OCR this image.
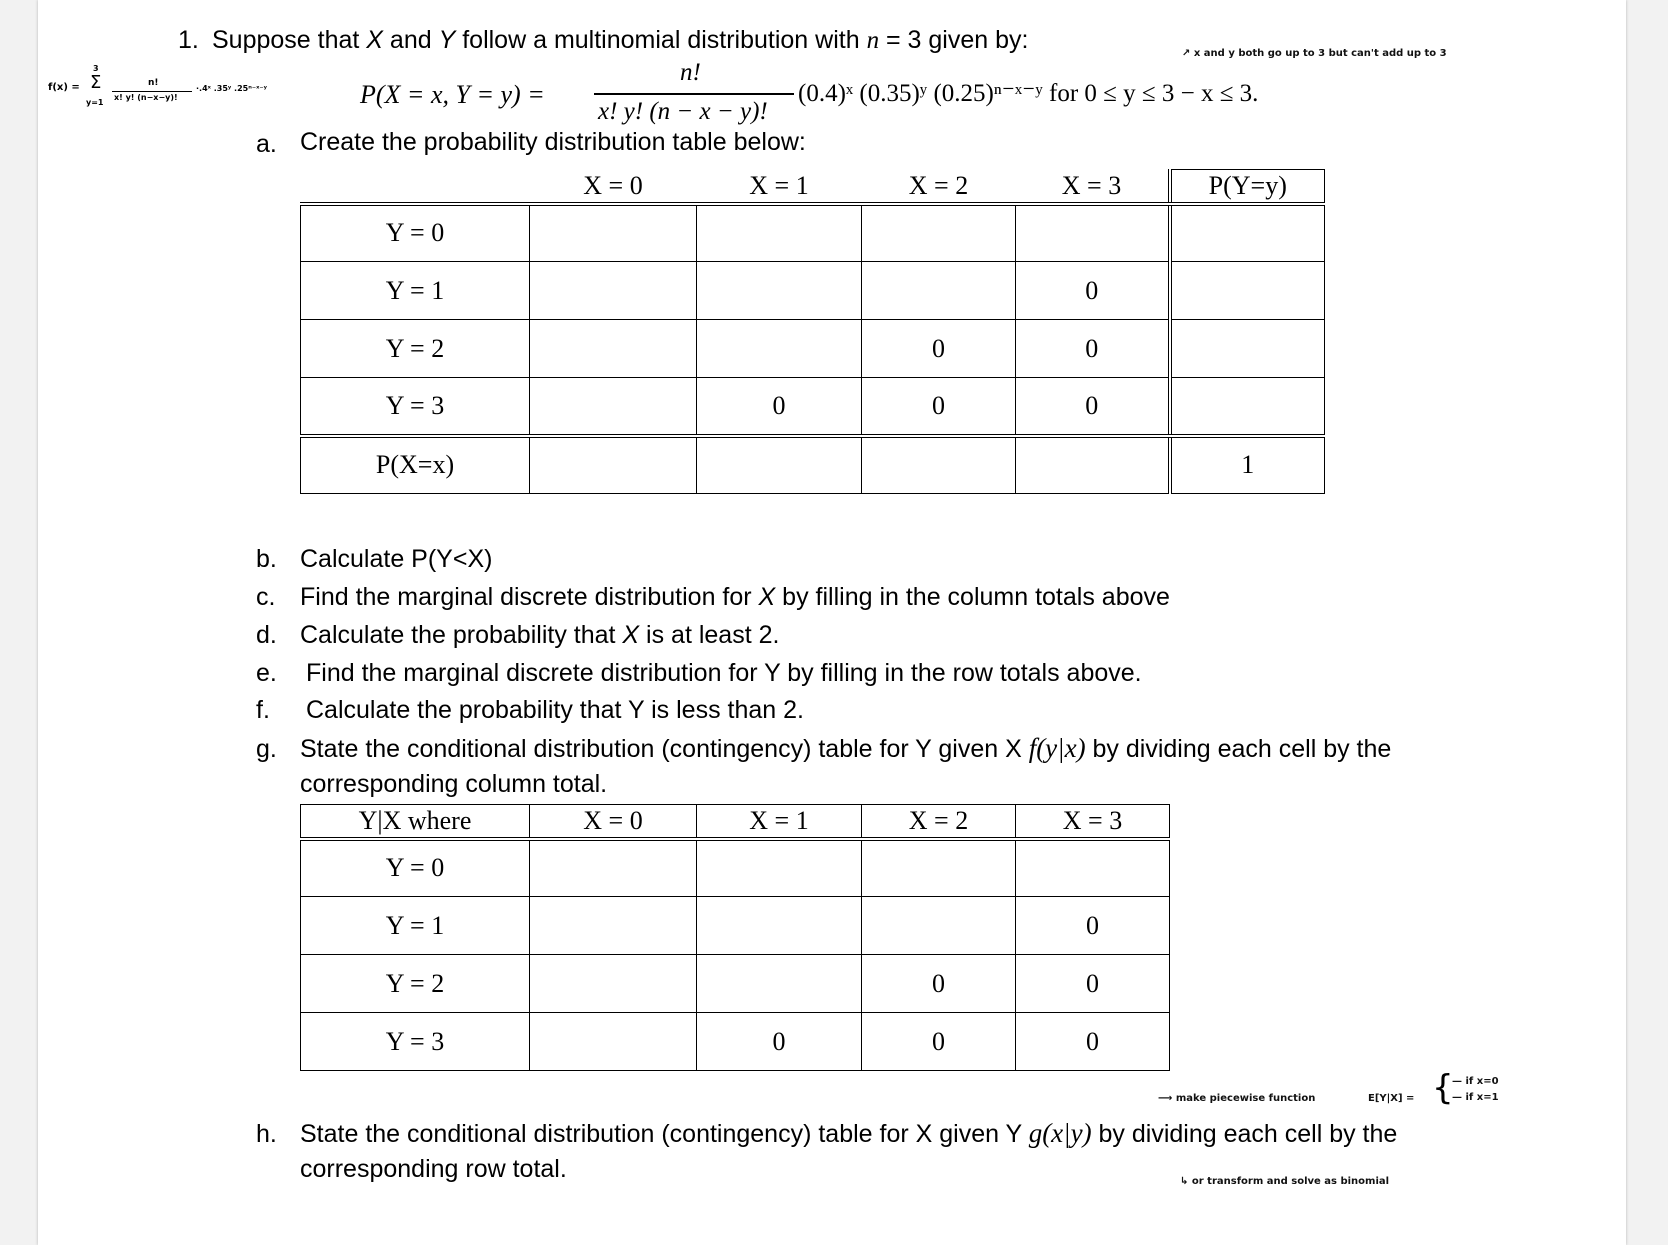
1. Suppose that X and Y follow a multinomial distribution with n = 3 given by:
P(X = x, Y = y) =
n!
x! y! (n − x − y)!
(0.4)ˣ (0.35)ʸ (0.25)ⁿ⁻ˣ⁻ʸ for 0 ≤ y ≤ 3 − x ≤ 3.
↗ x and y both go up to 3 but can't add up to 3
f(x) = Σ
3
y=1
n!
x! y! (n−x−y)!
·.4ˣ .35ʸ .25ⁿ⁻ˣ⁻ʸ
a. Create the probability distribution table below:
	X = 0	X = 1	X = 2	X = 3	P(Y=y)
Y = 0					
Y = 1				0	
Y = 2			0	0	
Y = 3		0	0	0	
P(X=x)					1
b. Calculate P(Y<X)
c. Find the marginal discrete distribution for X by filling in the column totals above
d. Calculate the probability that X is at least 2.
e. Find the marginal discrete distribution for Y by filling in the row totals above.
f. Calculate the probability that Y is less than 2.
g. State the conditional distribution (contingency) table for Y given X f(y|x) by dividing each cell by the
corresponding column total.
Y|X where	X = 0	X = 1	X = 2	X = 3
Y = 0				
Y = 1				0
Y = 2			0	0
Y = 3		0	0	0
⟶ make piecewise function	E[Y|X] = {
— if x=0
— if x=1
h. State the conditional distribution (contingency) table for X given Y g(x|y) by dividing each cell by the
corresponding row total.	↳ or transform and solve as binomial
